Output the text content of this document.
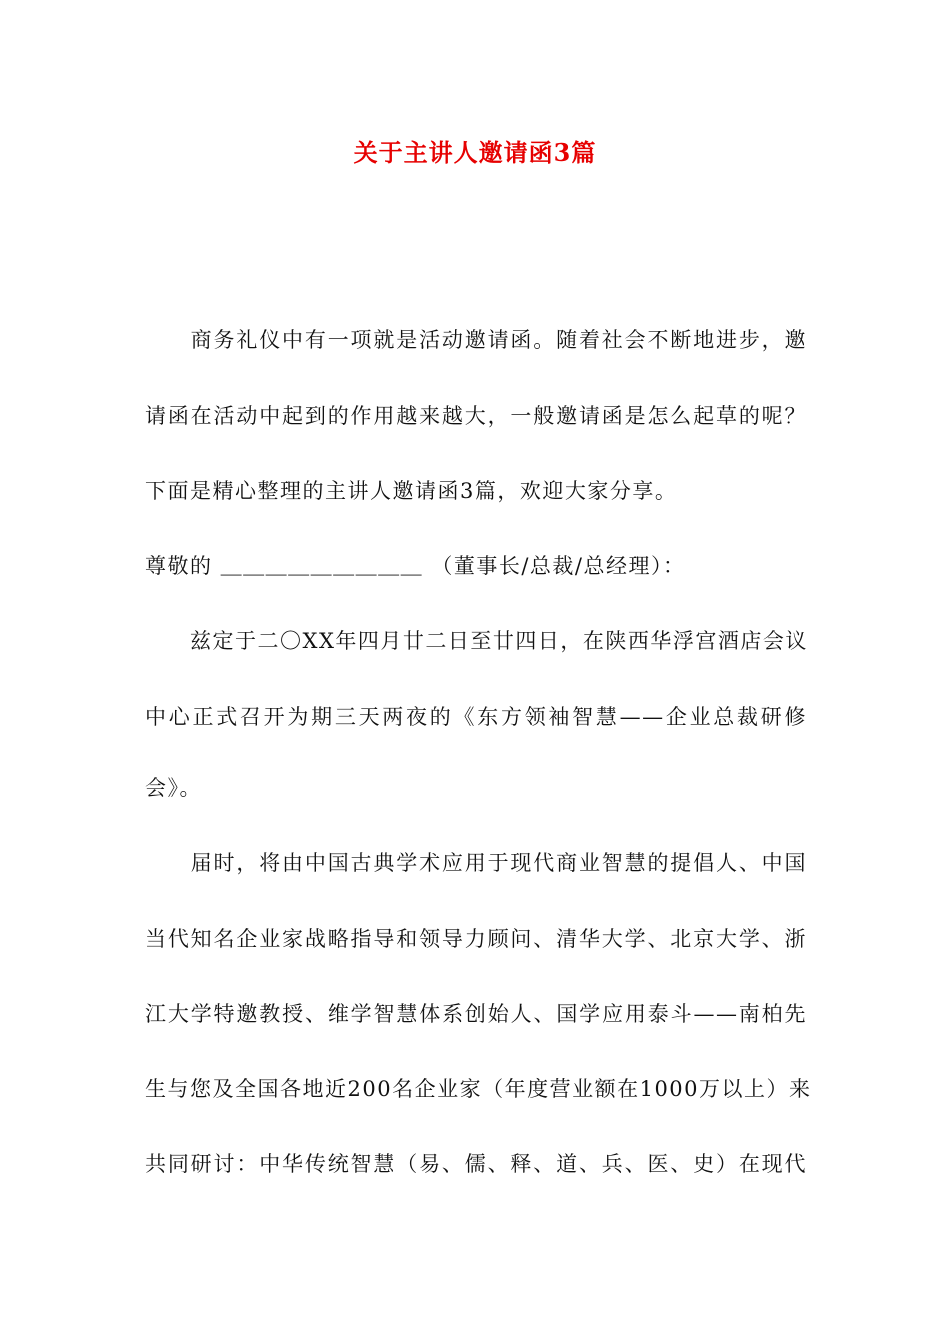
关于主讲人邀请函3篇
　　商务礼仪中有一项就是活动邀请函。随着社会不断地进步，邀
请函在活动中起到的作用越来越大，一般邀请函是怎么起草的呢？
下面是精心整理的主讲人邀请函3篇，欢迎大家分享。
尊敬的 ＿＿＿＿＿＿＿＿＿ （董事长/总裁/总经理）：
　　兹定于二〇XX年四月廿二日至廿四日，在陕西华浮宫酒店会议
中心正式召开为期三天两夜的《东方领袖智慧——企业总裁研修
会》。
　　届时，将由中国古典学术应用于现代商业智慧的提倡人、中国
当代知名企业家战略指导和领导力顾问、清华大学、北京大学、浙
江大学特邀教授、维学智慧体系创始人、国学应用泰斗——南柏先
生与您及全国各地近200名企业家（年度营业额在1000万以上）来
共同研讨：中华传统智慧（易、儒、释、道、兵、医、史）在现代
